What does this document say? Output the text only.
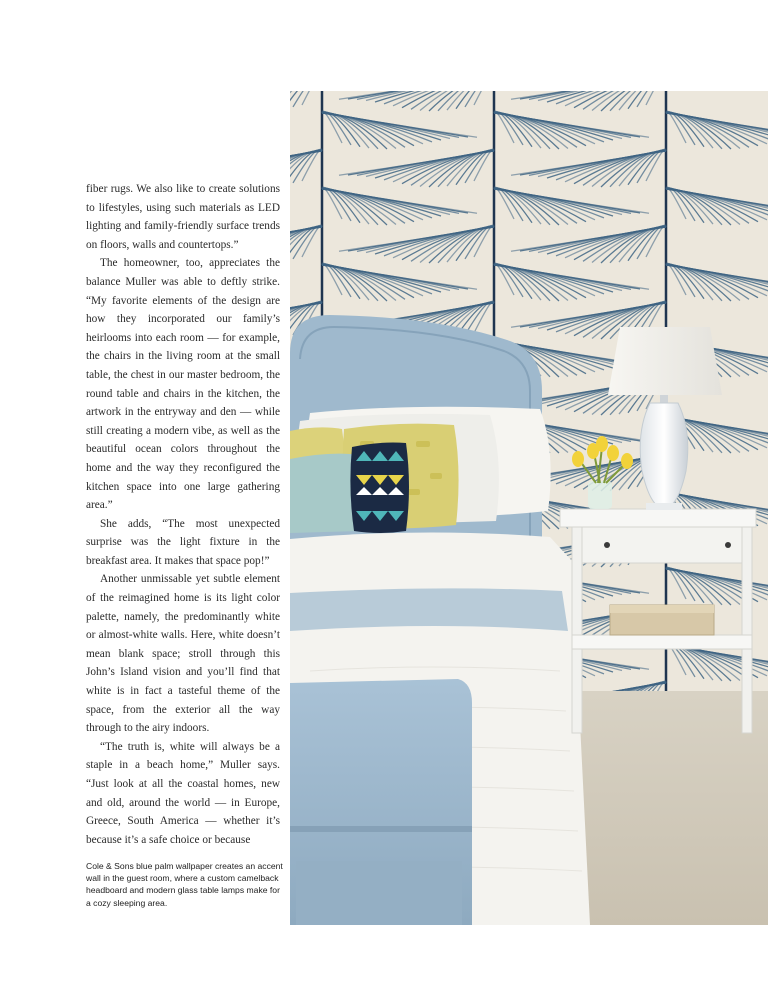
fiber rugs. We also like to create solutions to lifestyles, using such materials as LED lighting and family-friendly surface trends on floors, walls and countertops.”

The homeowner, too, appreciates the balance Muller was able to deftly strike. “My favorite elements of the design are how they incorporated our family’s heirlooms into each room — for example, the chairs in the living room at the small table, the chest in our master bedroom, the round table and chairs in the kitchen, the artwork in the entryway and den — while still creating a modern vibe, as well as the beautiful ocean colors throughout the home and the way they reconfigured the kitchen space into one large gathering area.”

She adds, “The most unexpected surprise was the light fixture in the breakfast area. It makes that space pop!”

Another unmissable yet subtle element of the reimagined home is its light color palette, namely, the predominantly white or almost-white walls. Here, white doesn’t mean blank space; stroll through this John’s Island vision and you’ll find that white is in fact a tasteful theme of the space, from the exterior all the way through to the airy indoors.

“The truth is, white will always be a staple in a beach home,” Muller says. “Just look at all the coastal homes, new and old, around the world — in Europe, Greece, South America — whether it’s because it’s a safe choice or because

Cole & Sons blue palm wallpaper creates an accent wall in the guest room, where a custom camelback headboard and modern glass table lamps make for a cozy sleeping area.
